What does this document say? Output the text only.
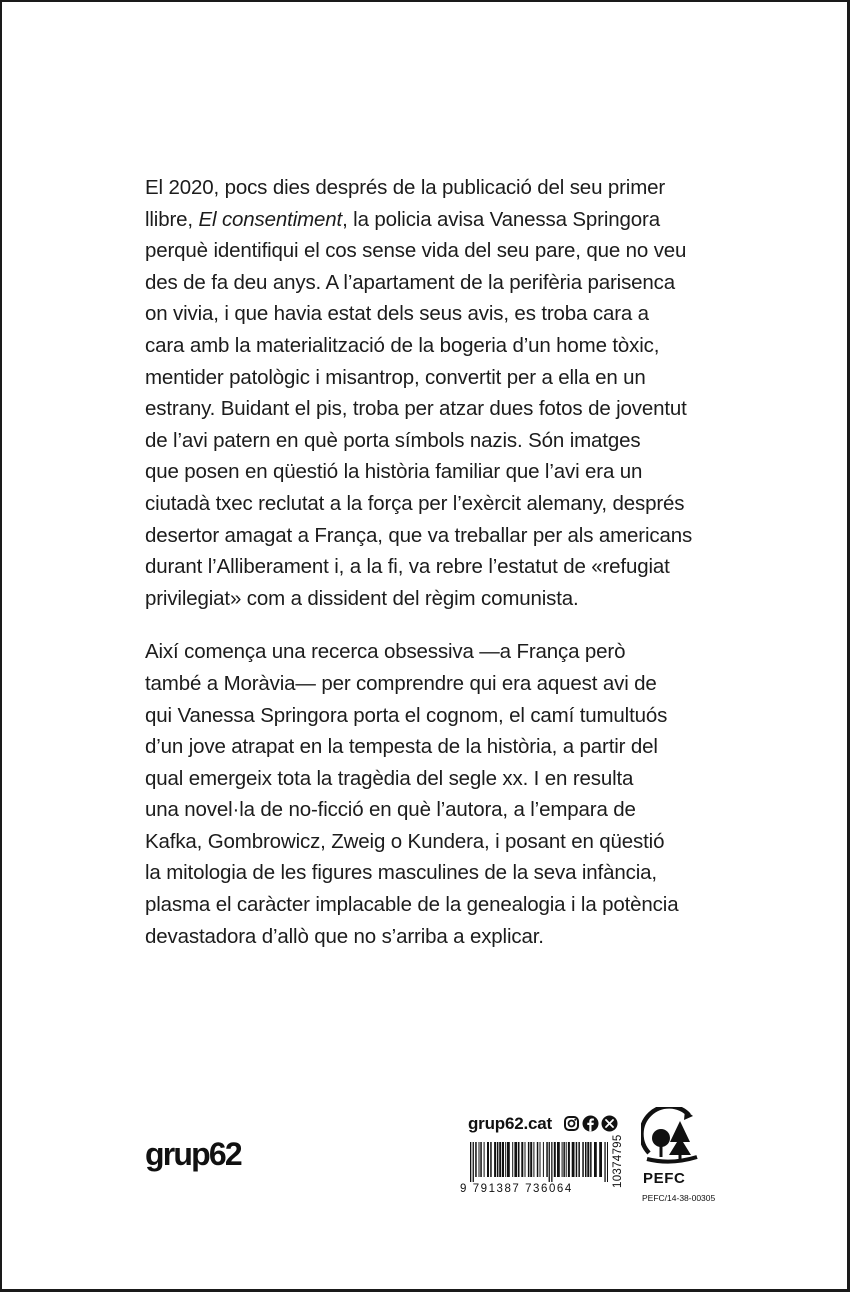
El 2020, pocs dies després de la publicació del seu primer
llibre, El consentiment, la policia avisa Vanessa Springora
perquè identifiqui el cos sense vida del seu pare, que no veu
des de fa deu anys. A l’apartament de la perifèria parisenca
on vivia, i que havia estat dels seus avis, es troba cara a
cara amb la materialització de la bogeria d’un home tòxic,
mentider patològic i misantrop, convertit per a ella en un
estrany. Buidant el pis, troba per atzar dues fotos de joventut
de l’avi patern en què porta símbols nazis. Són imatges
que posen en qüestió la història familiar que l’avi era un
ciutadà txec reclutat a la força per l’exèrcit alemany, després
desertor amagat a França, que va treballar per als americans
durant l’Alliberament i, a la fi, va rebre l’estatut de «refugiat
privilegiat» com a dissident del règim comunista.
Així comença una recerca obsessiva —a França però
també a Moràvia— per comprendre qui era aquest avi de
qui Vanessa Springora porta el cognom, el camí tumultuós
d’un jove atrapat en la tempesta de la història, a partir del
qual emergeix tota la tragèdia del segle xx. I en resulta
una novel·la de no-ficció en què l’autora, a l’empara de
Kafka, Gombrowicz, Zweig o Kundera, i posant en qüestió
la mitologia de les figures masculines de la seva infància,
plasma el caràcter implacable de la genealogia i la potència
devastadora d’allò que no s’arriba a explicar.
grup62
grup62.cat
9 791387 736064
10374795 PEFC
PEFC/14-38-00305
